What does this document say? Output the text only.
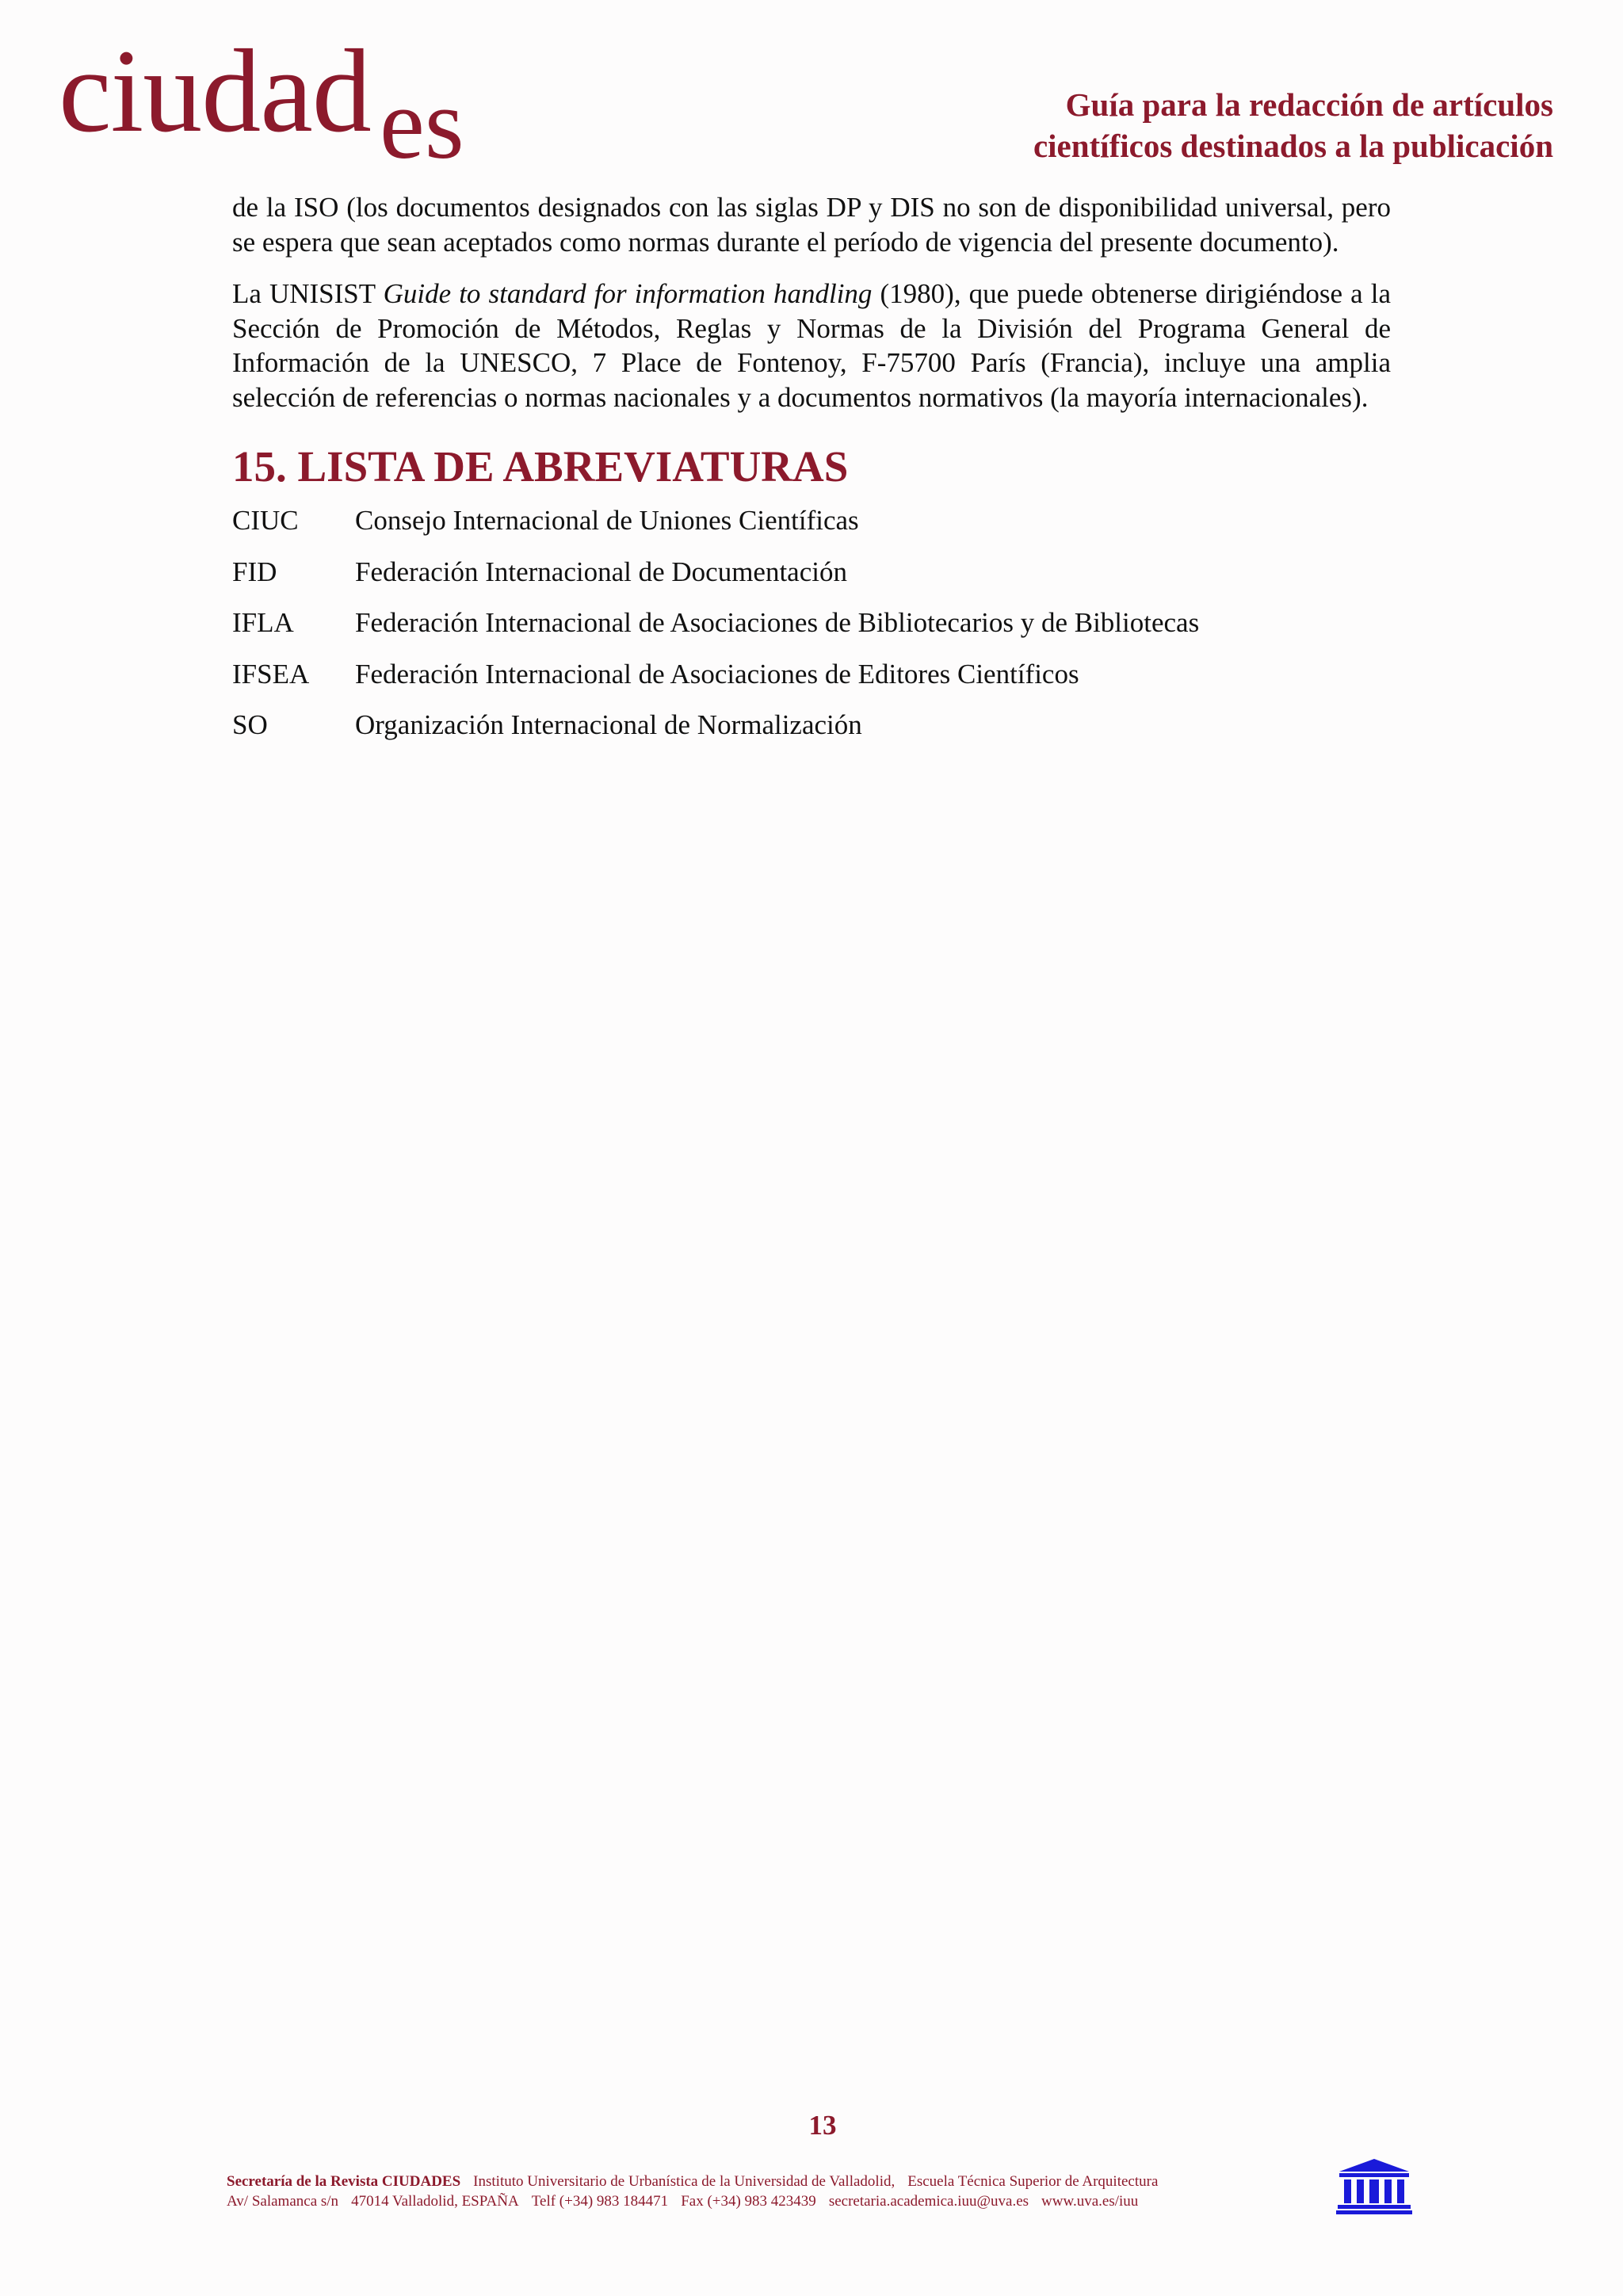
ciudad es	Guía para la redacción de artículos
científicos destinados a la publicación

de la ISO (los documentos designados con las siglas DP y DIS no son de disponibilidad universal, pero se espera que sean aceptados como normas durante el período de vigencia del presente documento).

La UNISIST Guide to standard for information handling (1980), que puede obtenerse dirigiéndose a la Sección de Promoción de Métodos, Reglas y Normas de la División del Programa General de Información de la UNESCO, 7 Place de Fontenoy, F-75700 París (Francia), incluye una amplia selección de referencias o normas nacionales y a documentos normativos (la mayoría internacionales).

15. LISTA DE ABREVIATURAS
CIUC	Consejo Internacional de Uniones Científicas
FID	Federación Internacional de Documentación
IFLA	Federación Internacional de Asociaciones de Bibliotecarios y de Bibliotecas
IFSEA	Federación Internacional de Asociaciones de Editores Científicos
SO	Organización Internacional de Normalización
13
Secretaría de la Revista CIUDADES Instituto Universitario de Urbanística de la Universidad de Valladolid, Escuela Técnica Superior de Arquitectura
Av/ Salamanca s/n 47014 Valladolid, ESPAÑA Telf (+34) 983 184471 Fax (+34) 983 423439 secretaria.academica.iuu@uva.es www.uva.es/iuu
